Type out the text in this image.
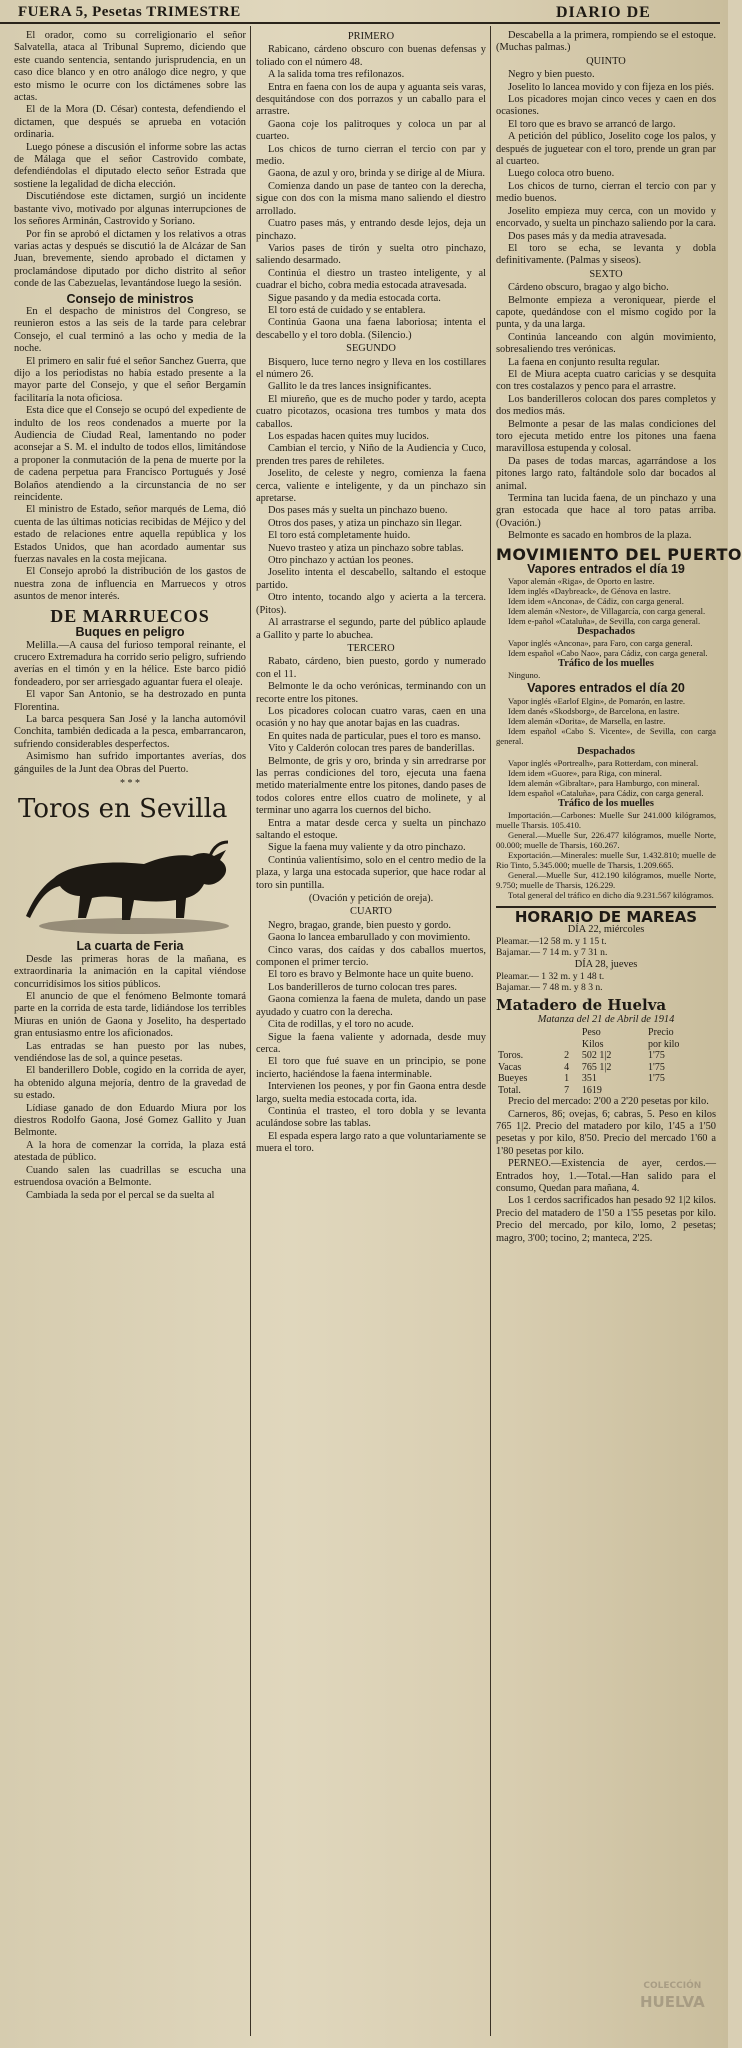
FUERA 5, Pesetas TRIMESTRE	DIARIO DE

El orador, como su correligionario el señor Salvatella, ataca al Tribunal Supremo, diciendo que este cuando sentencia, sentando jurisprudencia, en un caso dice blanco y en otro análogo dice negro, y que esto mismo le ocurre con los dictámenes sobre las actas.

El de la Mora (D. César) contesta, defendiendo el dictamen, que después se aprueba en votación ordinaria.

Luego pónese a discusión el informe sobre las actas de Málaga que el señor Castrovido combate, defendiéndolas el diputado electo señor Estrada que sostiene la legalidad de dicha elección.

Discutiéndose este dictamen, surgió un incidente bastante vivo, motivado por algunas interrupciones de los señores Arminán, Castrovido y Soriano.

Por fin se aprobó el dictamen y los relativos a otras varias actas y después se discutió la de Alcázar de San Juan, brevemente, siendo aprobado el dictamen y proclamándose diputado por dicho distrito al señor conde de las Cabezuelas, levantándose luego la sesión.

Consejo de ministros

En el despacho de ministros del Congreso, se reunieron estos a las seis de la tarde para celebrar Consejo, el cual terminó a las ocho y media de la noche.

El primero en salir fué el señor Sanchez Guerra, que dijo a los periodistas no había estado presente a la mayor parte del Consejo, y que el señor Bergamín facilitaría la nota oficiosa.

Esta dice que el Consejo se ocupó del expediente de indulto de los reos condenados a muerte por la Audiencia de Ciudad Real, lamentando no poder aconsejar a S. M. el indulto de todos ellos, limitándose a proponer la conmutación de la pena de muerte por la de cadena perpetua para Francisco Portugués y José Bolaños atendiendo a la circunstancia de no ser reincidente.

El ministro de Estado, señor marqués de Lema, dió cuenta de las últimas noticias recibidas de Méjico y del estado de relaciones entre aquella república y los Estados Unidos, que han acordado aumentar sus fuerzas navales en la costa mejicana.

El Consejo aprobó la distribución de los gastos de nuestra zona de influencia en Marruecos y otros asuntos de menor interés.

DE MARRUECOS
Buques en peligro

Melilla.—A causa del furioso temporal reinante, el crucero Extremadura ha corrido serio peligro, sufriendo averías en el timón y en la hélice. Este barco pidió fondeadero, por ser arriesgado aguantar fuera el oleaje.

El vapor San Antonio, se ha destrozado en punta Florentina.

La barca pesquera San José y la lancha automóvil Conchita, también dedicada a la pesca, embarrancaron, sufriendo considerables desperfectos.

Asimismo han sufrido importantes averías, dos gánguiles de la Junt dea Obras del Puerto.

* * *
Toros en Sevilla
La cuarta de Feria

Desde las primeras horas de la mañana, es extraordinaria la animación en la capital viéndose concurridísimos los sitios públicos.

El anuncio de que el fenómeno Belmonte tomará parte en la corrida de esta tarde, lidiándose los terribles Miuras en unión de Gaona y Joselito, ha despertado gran entusiasmo entre los aficionados.

Las entradas se han puesto por las nubes, vendiéndose las de sol, a quince pesetas.

El banderillero Doble, cogido en la corrida de ayer, ha obtenido alguna mejoría, dentro de la gravedad de su estado.

Lídiase ganado de don Eduardo Miura por los diestros Rodolfo Gaona, José Gomez Gallito y Juan Belmonte.

A la hora de comenzar la corrida, la plaza está atestada de público.

Cuando salen las cuadrillas se escucha una estruendosa ovación a Belmonte.

Cambiada la seda por el percal se da suelta al

PRIMERO

Rabicano, cárdeno obscuro con buenas defensas y toliado con el número 48.

A la salida toma tres refilonazos.

Entra en faena con los de aupa y aguanta seis varas, desquitándose con dos porrazos y un caballo para el arrastre.

Gaona coje los palitroques y coloca un par al cuarteo.

Los chicos de turno cierran el tercio con par y medio.

Gaona, de azul y oro, brinda y se dirige al de Miura.

Comienza dando un pase de tanteo con la derecha, sigue con dos con la misma mano saliendo el diestro arrollado.

Cuatro pases más, y entrando desde lejos, deja un pinchazo.

Varios pases de tirón y suelta otro pinchazo, saliendo desarmado.

Continúa el diestro un trasteo inteligente, y al cuadrar el bicho, cobra media estocada atravesada.

Sigue pasando y da media estocada corta.

El toro está de cuidado y se entablera.

Continúa Gaona una faena laboriosa; intenta el descabello y el toro dobla. (Silencio.)

SEGUNDO

Bisquero, luce terno negro y lleva en los costillares el número 26.

Gallito le da tres lances insignificantes.

El miureño, que es de mucho poder y tardo, acepta cuatro picotazos, ocasiona tres tumbos y mata dos caballos.

Los espadas hacen quites muy lucidos.

Cambian el tercio, y Niño de la Audiencia y Cuco, prenden tres pares de rehiletes.

Joselito, de celeste y negro, comienza la faena cerca, valiente e inteligente, y da un pinchazo sin apretarse.

Dos pases más y suelta un pinchazo bueno.

Otros dos pases, y atiza un pinchazo sin llegar.

El toro está completamente huido.

Nuevo trasteo y atiza un pinchazo sobre tablas.

Otro pinchazo y actúan los peones.

Joselito intenta el descabello, saltando el estoque partido.

Otro intento, tocando algo y acierta a la tercera. (Pitos).

Al arrastrarse el segundo, parte del público aplaude a Gallito y parte lo abuchea.

TERCERO

Rabato, cárdeno, bien puesto, gordo y numerado con el 11.

Belmonte le da ocho verónicas, terminando con un recorte entre los pitones.

Los picadores colocan cuatro varas, caen en una ocasión y no hay que anotar bajas en las cuadras.

En quites nada de particular, pues el toro es manso.

Vito y Calderón colocan tres pares de banderillas.

Belmonte, de gris y oro, brinda y sin arredrarse por las perras condiciones del toro, ejecuta una faena metido materialmente entre los pitones, dando pases de todos colores entre ellos cuatro de molinete, y al terminar uno agarra los cuernos del bicho.

Entra a matar desde cerca y suelta un pinchazo saltando el estoque.

Sigue la faena muy valiente y da otro pinchazo.

Continúa valientísimo, solo en el centro medio de la plaza, y larga una estocada superior, que hace rodar al toro sin puntilla.

(Ovación y petición de oreja).
CUARTO

Negro, bragao, grande, bien puesto y gordo.

Gaona lo lancea embarullado y con movimiento.

Cinco varas, dos caídas y dos caballos muertos, componen el primer tercio.

El toro es bravo y Belmonte hace un quite bueno.

Los banderilleros de turno colocan tres pares.

Gaona comienza la faena de muleta, dando un pase ayudado y cuatro con la derecha.

Cita de rodillas, y el toro no acude.

Sigue la faena valiente y adornada, desde muy cerca.

El toro que fué suave en un principio, se pone incierto, haciéndose la faena interminable.

Intervienen los peones, y por fin Gaona entra desde largo, suelta media estocada corta, ida.

Continúa el trasteo, el toro dobla y se levanta aculándose sobre las tablas.

El espada espera largo rato a que voluntariamente se muera el toro.

Descabella a la primera, rompiendo se el estoque. (Muchas palmas.)

QUINTO

Negro y bien puesto.

Joselito lo lancea movido y con fijeza en los piés.

Los picadores mojan cinco veces y caen en dos ocasiones.

El toro que es bravo se arrancó de largo.

A petición del público, Joselito coge los palos, y después de juguetear con el toro, prende un gran par al cuarteo.

Luego coloca otro bueno.

Los chicos de turno, cierran el tercio con par y medio buenos.

Joselito empieza muy cerca, con un movido y encorvado, y suelta un pinchazo saliendo por la cara.

Dos pases más y da media atravesada.

El toro se echa, se levanta y dobla definitivamente. (Palmas y siseos).

SEXTO

Cárdeno obscuro, bragao y algo bicho.

Belmonte empieza a veroniquear, pierde el capote, quedándose con el mismo cogido por la punta, y da una larga.

Continúa lanceando con algún movimiento, sobresaliendo tres verónicas.

La faena en conjunto resulta regular.

El de Miura acepta cuatro caricias y se desquita con tres costalazos y penco para el arrastre.

Los banderilleros colocan dos pares completos y dos medios más.

Belmonte a pesar de las malas condiciones del toro ejecuta metido entre los pitones una faena maravillosa estupenda y colosal.

Da pases de todas marcas, agarrándose a los pitones largo rato, faltándole solo dar bocados al animal.

Termina tan lucida faena, de un pinchazo y una gran estocada que hace al toro patas arriba. (Ovación.)

Belmonte es sacado en hombros de la plaza.

MOVIMIENTO DEL PUERTO
Vapores entrados el día 19

Vapor alemán «Riga», de Oporto en lastre.

Idem inglés «Daybreack», de Génova en lastre.

Idem idem «Ancona», de Cádiz, con carga general.

Idem alemán «Nestor», de Villagarcía, con carga general.

Idem e-pañol «Cataluña», de Sevilla, con carga general.

Despachados

Vapor inglés «Ancona», para Faro, con carga general.

Idem español «Cabo Nao», para Cádiz, con carga general.

Tráfico de los muelles

Ninguno.

Vapores entrados el día 20

Vapor inglés «Earlof Elgin», de Pomarón, en lastre.

Idem danés «Skodsborg», de Barcelona, en lastre.

Idem alemán «Dorita», de Marsella, en lastre.

Idem español «Cabo S. Vicente», de Sevilla, con carga general.

Despachados

Vapor inglés «Portrealh», para Rotterdam, con mineral.

Idem idem «Guore», para Riga, con mineral.

Idem alemán «Gibraltar», para Hamburgo, con mineral.

Idem español «Cataluña», para Cádiz, con carga general.

Tráfico de los muelles

Importación.—Carbones: Muelle Sur 241.000 kilógramos, muelle Tharsis. 105.410.

General.—Muelle Sur, 226.477 kilógramos, muelle Norte, 00.000; muelle de Tharsis, 160.267.

Exportación.—Minerales: muelle Sur, 1.432.810; muelle de Rio Tinto, 5.345.000; muelle de Tharsis, 1.209.665.

General.—Muelle Sur, 412.190 kilógramos, muelle Norte, 9.750; muelle de Tharsis, 126.229.

Total general del tráfico en dicho día 9.231.567 kilógramos.

HORARIO DE MAREAS
DÍA 22, miércoles
Pleamar.—12 58 m. y 1 15 t.
Bajamar.— 7 14 m. y 7 31 n.
DÍA 28, jueves
Pleamar.— 1 32 m. y 1 48 t.
Bajamar.— 7 48 m. y 8 3 n.
Matadero de Huelva
Matanza del 21 de Abril de 1914
		Peso	Precio
		Kilos	por kilo
Toros.	2	502 1|2	1'75
Vacas	4	765 1|2	1'75
Bueyes	1	351	1'75
Total.	7	1619	

Precio del mercado: 2'00 a 2'20 pesetas por kilo.

Carneros, 86; ovejas, 6; cabras, 5. Peso en kilos 765 1|2. Precio del matadero por kilo, 1'45 a 1'50 pesetas y por kilo, 8'50. Precio del mercado 1'60 a 1'80 pesetas por kilo.

PERNEO.—Existencia de ayer, cerdos.—Entrados hoy, 1.—Total.—Han salido para el consumo, Quedan para mañana, 4.

Los 1 cerdos sacrificados han pesado 92 1|2 kilos. Precio del matadero de 1'50 a 1'55 pesetas por kilo. Precio del mercado, por kilo, lomo, 2 pesetas; magro, 3'00; tocino, 2; manteca, 2'25.

COLECCIÓN
HUELVA
